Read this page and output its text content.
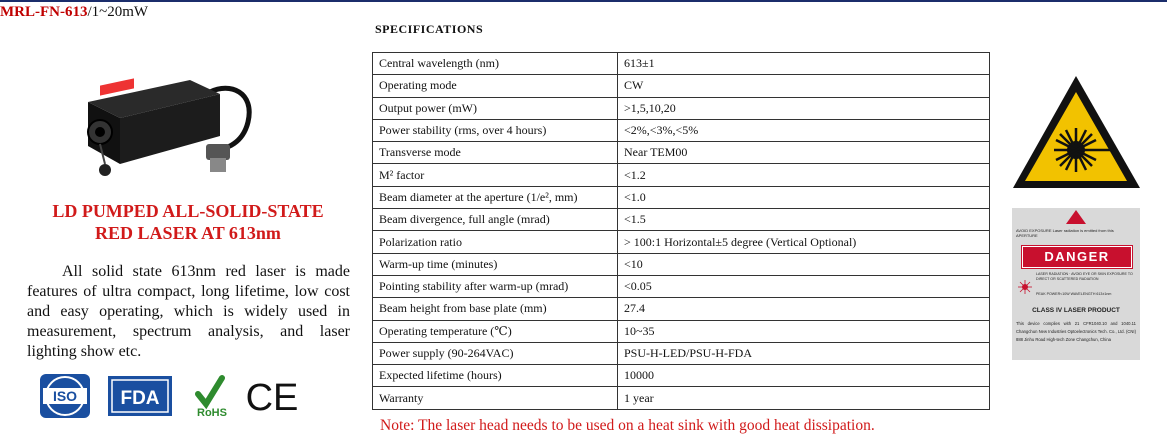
MRL-FN-613/1~20mW
LD PUMPED ALL-SOLID-STATE
RED LASER AT 613nm
All solid state 613nm red laser is made features of ultra compact, long lifetime, low cost and easy operating, which is widely used in measurement, spectrum analysis, and laser lighting show etc.
ISO FDA
RoHS CE
SPECIFICATIONS
Central wavelength (nm)	613±1
Operating mode	CW
Output power (mW)	>1,5,10,20
Power stability (rms, over 4 hours)	<2%,<3%,<5%
Transverse mode	Near TEM00
M² factor	<1.2
Beam diameter at the aperture (1/e², mm)	<1.0
Beam divergence, full angle (mrad)	<1.5
Polarization ratio	> 100:1 Horizontal±5 degree (Vertical Optional)
Warm-up time (minutes)	<10
Pointing stability after warm-up (mrad)	<0.05
Beam height from base plate (mm)	27.4
Operating temperature (℃)	10~35
Power supply (90-264VAC)	PSU-H-LED/PSU-H-FDA
Expected lifetime (hours)	10000
Warranty	1 year
Note: The laser head needs to be used on a heat sink with good heat dissipation.
AVOID EXPOSURE Laser radiation is emitted from this APERTURE
DANGER
LASER RADIATION · AVOID EYE OR SKIN EXPOSURE TO DIRECT OR SCATTERED RADIATION
PEAK POWER<10W WAVELENGTH 613±1nm
CLASS IV LASER PRODUCT
This device complies with 21 CFR1040.10 and 1040.11 Changchun New Industries Optoelectronics Tech. Co., Ltd. (CNI) 888 Jinhu Road High-tech Zone Changchun, China
